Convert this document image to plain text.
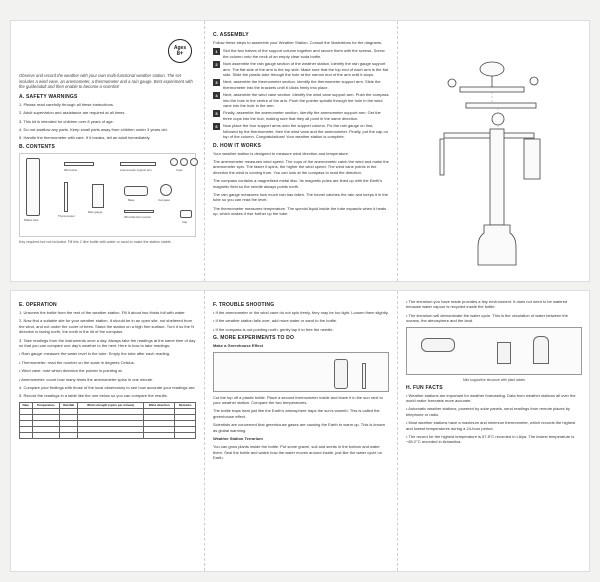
Ages
8+
Observe and record the weather with your own multi-functional weather station. The set includes a wind vane, an anemometer, a thermometer and a rain gauge. Best experiment with the guide/adult and then enable to become a scientist!
A. SAFETY WARNINGS
1. Please read carefully through all these instructions.
2. Adult supervision and assistance are required at all times.
3. This kit is intended for children over 8 years of age.
4. Do not swallow any parts. Keep small parts away from children under 3 years old.
5. Handle the thermometer with care. If it breaks, tell an adult immediately.
B. CONTENTS
Plastic tube
Wind vane	Anemometer support arm	Cups
Thermometer
Rain gauge
Base	Compass
Wind direction pointer
Cap
Key required but not included. Fill this 2 litre bottle with water or sand to make the station stable.
C. ASSEMBLY
Follow these steps to assemble your Weather Station. Consult the illustrations for the diagrams.
1	Slot the two halves of the support column together and secure them with the screws. Screw the column onto the neck of an empty clear soda bottle.
2	Now assemble the rain gauge section of the weather station. Identify the rain gauge support arm. The flat side of the arm is the top side. Make sure that the top end of each arm is the flat side. Slide the plastic tube through the hole at the narrow end of the arm until it stops.
3	Next, assemble the thermometer section. Identify the thermometer support arm. Slide the thermometer into the brackets until it clicks firmly into place.
4	Next, assemble the wind vane section. Identify the wind vane support arm. Push the compass into the hole in the centre of the arm. Push the pointer spindle through the hole in the wind vane into the hole in the arm.
5	Finally, assemble the anemometer section. Identify the anemometer support arm. Get the three cups into the hub, making sure that they all point in the same direction.
6	Now place the four support arms onto the support column. Fix the rain gauge on first, followed by the thermometer, then the wind vane and the anemometer. Finally, put the cap on top of the column. Congratulations! Your weather station is complete.
D. HOW IT WORKS
Your weather station is designed to measure wind direction and temperature.
The anemometer measures wind speed. The cups of the anemometer catch the wind and make the anemometer spin. The faster it spins, the higher the wind speed. The wind vane points in the direction the wind is coming from. You can look at the compass to read the direction.
The compass contains a magnetised metal disc. Its magnetic poles are lined up with the Earth's magnetic field so the needle always points north.
The rain gauge measures how much rain has fallen. The funnel catches the rain and keeps it in the tube so you can read the level.
The thermometer measures temperature. The special liquid inside the tube expands when it heats up, which makes it rise further up the tube.
E. OPERATION
1. Unscrew the bottle from the rest of the weather station. Fill it about two thirds full with water.
2. Now find a suitable site for your weather station. It should be in an open site, not sheltered from the wind, and not under the cover of trees. Stand the station on a high firm surface. Turn it so the N direction is facing north, the north is the lid of the compass.
3. Take readings from the instruments once a day. Always take the readings at the same time of day so that you can compare one day's weather to the next. Here is how to take readings:
• Rain gauge: measure the water level in the tube. Empty the tube after each reading.
• Thermometer: read the number on the scale in degrees Celsius.
• Wind vane: note which direction the pointer is pointing at.
• Anemometer: count how many times the anemometer spins in one minute.
4. Compare your findings with those of the local observatory to see how accurate your readings are.
5. Record the readings in a table like the one below so you can compare the results.
Date	Temperature	Rainfall	Wind strength (spins per minute)	Wind direction	Remarks

F. TROUBLE SHOOTING
• If the anemometer or the wind vane do not spin freely, they may be too tight. Loosen them slightly.
• If the weather station falls over, add more water or sand to the bottle.
• If the compass is not pointing north, gently tap it to free the needle.
G. MORE EXPERIMENTS TO DO
Make a Greenhouse Effect
Cut the top off a plastic bottle. Place a second thermometer inside and leave it in the sun next to your weather station. Compare the two temperatures.
The bottle traps heat just like the Earth's atmosphere traps the sun's warmth. This is called the greenhouse effect.
Scientists are concerned that greenhouse gases are causing the Earth to warm up. This is known as global warming.
Weather Station Terrarium
You can grow plants inside the bottle. Put some gravel, soil and seeds in the bottom and water them. Seal the bottle and watch how the water moves around inside, just like the water cycle on Earth.
• The terrarium you have made provides a tiny environment. It does not need to be watered because water vapour is recycled inside the bottle.
• The terrarium will demonstrate the water cycle. This is the circulation of water between the oceans, the atmosphere and the land.
Mini supportive structure with plant labels
H. FUN FACTS
• Weather stations are important for weather forecasting. Data from weather stations all over the world make forecasts more accurate.
• Automatic weather stations, powered by solar panels, send readings from remote places by telephone or radio.
• Most weather stations have a maximum and minimum thermometer, which records the highest and lowest temperatures during a 24-hour period.
• The record for the highest temperature is 57.8°C recorded in Libya. The lowest temperature is −89.2°C recorded in Antarctica.
